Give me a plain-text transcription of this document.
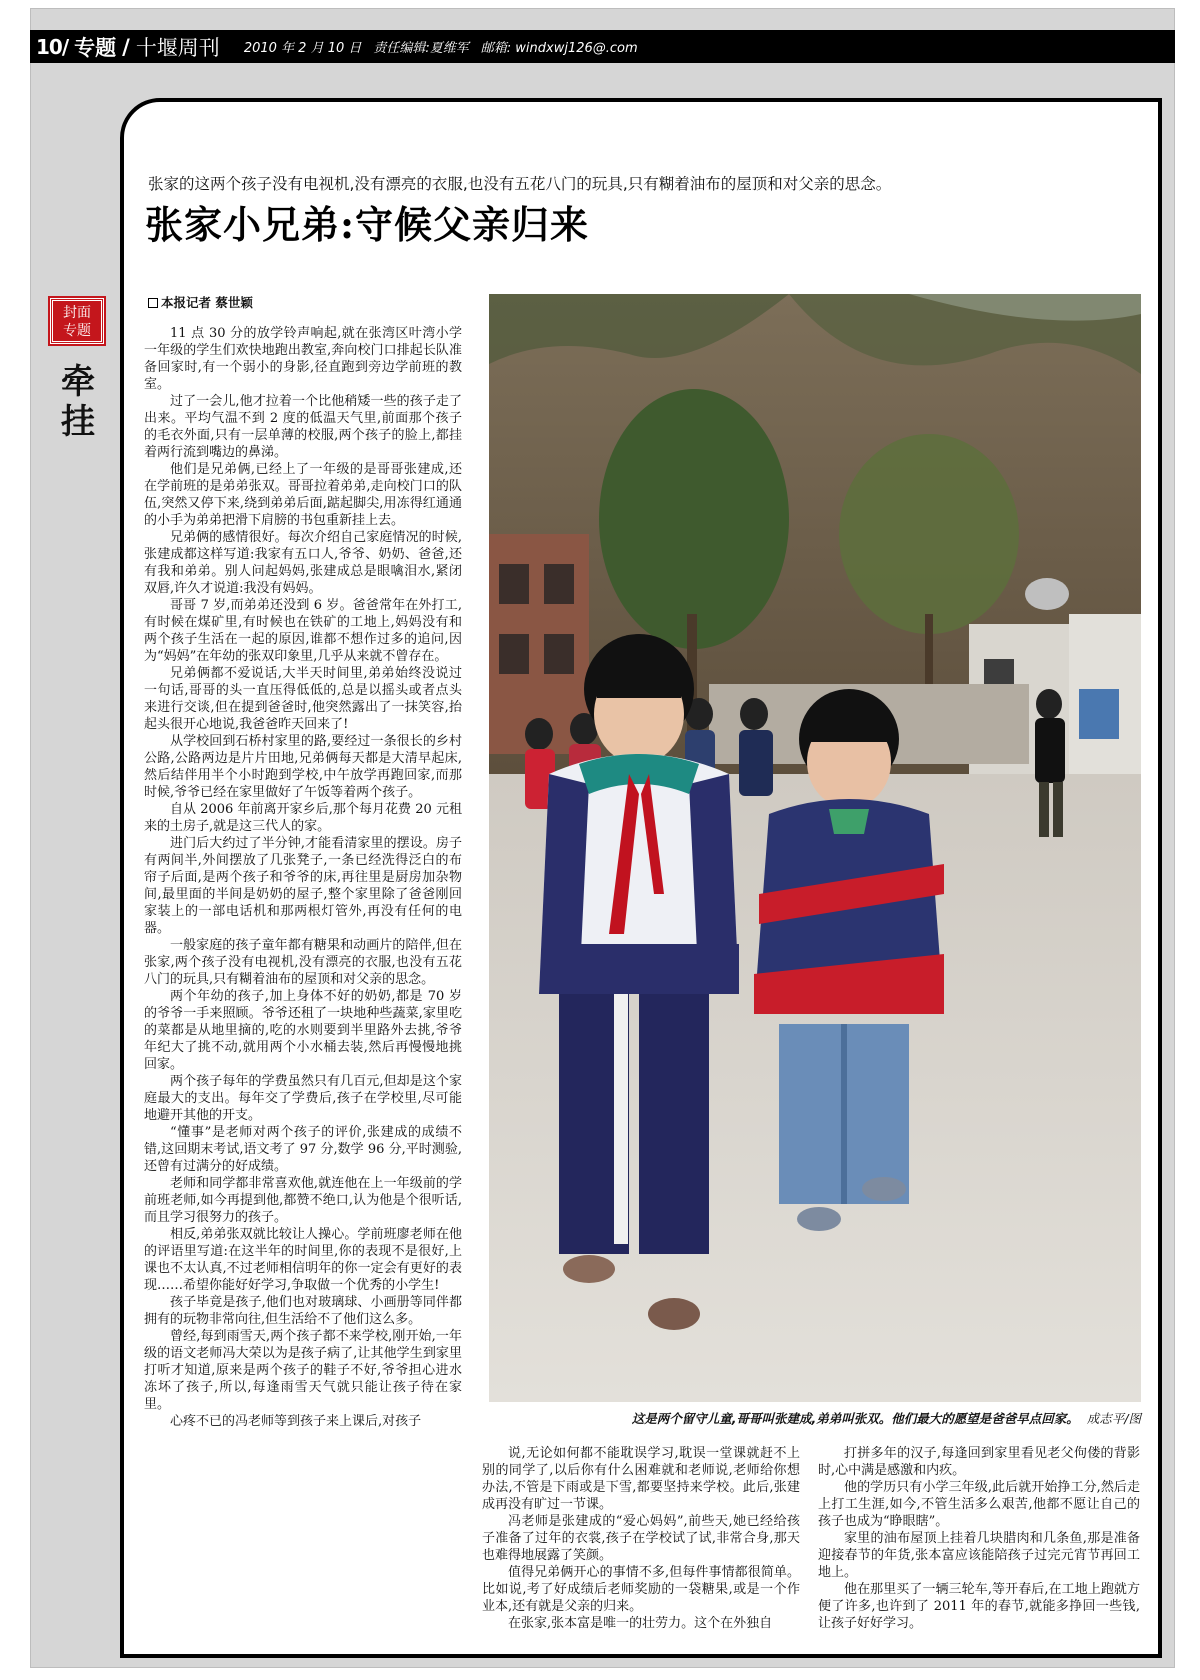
10/ 专题 / 十堰周刊 2010 年 2 月 10 日 责任编辑:夏维军 邮箱: windxwj126@.com
封面
专题
牵挂
张家的这两个孩子没有电视机,没有漂亮的衣服,也没有五花八门的玩具,只有糊着油布的屋顶和对父亲的思念。
张家小兄弟:守候父亲归来
本报记者 蔡世颖

11 点 30 分的放学铃声响起,就在张湾区叶湾小学一年级的学生们欢快地跑出教室,奔向校门口排起长队准备回家时,有一个弱小的身影,径直跑到旁边学前班的教室。

过了一会儿,他才拉着一个比他稍矮一些的孩子走了出来。平均气温不到 2 度的低温天气里,前面那个孩子的毛衣外面,只有一层单薄的校服,两个孩子的脸上,都挂着两行流到嘴边的鼻涕。

他们是兄弟俩,已经上了一年级的是哥哥张建成,还在学前班的是弟弟张双。哥哥拉着弟弟,走向校门口的队伍,突然又停下来,绕到弟弟后面,踮起脚尖,用冻得红通通的小手为弟弟把滑下肩膀的书包重新挂上去。

兄弟俩的感情很好。每次介绍自己家庭情况的时候,张建成都这样写道:我家有五口人,爷爷、奶奶、爸爸,还有我和弟弟。别人问起妈妈,张建成总是眼噙泪水,紧闭双唇,许久才说道:我没有妈妈。

哥哥 7 岁,而弟弟还没到 6 岁。爸爸常年在外打工,有时候在煤矿里,有时候也在铁矿的工地上,妈妈没有和两个孩子生活在一起的原因,谁都不想作过多的追问,因为“妈妈”在年幼的张双印象里,几乎从来就不曾存在。

兄弟俩都不爱说话,大半天时间里,弟弟始终没说过一句话,哥哥的头一直压得低低的,总是以摇头或者点头来进行交谈,但在提到爸爸时,他突然露出了一抹笑容,抬起头很开心地说,我爸爸昨天回来了!

从学校回到石桥村家里的路,要经过一条很长的乡村公路,公路两边是片片田地,兄弟俩每天都是大清早起床,然后结伴用半个小时跑到学校,中午放学再跑回家,而那时候,爷爷已经在家里做好了午饭等着两个孩子。

自从 2006 年前离开家乡后,那个每月花费 20 元租来的土房子,就是这三代人的家。

进门后大约过了半分钟,才能看清家里的摆设。房子有两间半,外间摆放了几张凳子,一条已经洗得泛白的布帘子后面,是两个孩子和爷爷的床,再往里是厨房加杂物间,最里面的半间是奶奶的屋子,整个家里除了爸爸刚回家装上的一部电话机和那两根灯管外,再没有任何的电器。

一般家庭的孩子童年都有糖果和动画片的陪伴,但在张家,两个孩子没有电视机,没有漂亮的衣服,也没有五花八门的玩具,只有糊着油布的屋顶和对父亲的思念。

两个年幼的孩子,加上身体不好的奶奶,都是 70 岁的爷爷一手来照顾。爷爷还租了一块地种些蔬菜,家里吃的菜都是从地里摘的,吃的水则要到半里路外去挑,爷爷年纪大了挑不动,就用两个小水桶去装,然后再慢慢地挑回家。

两个孩子每年的学费虽然只有几百元,但却是这个家庭最大的支出。每年交了学费后,孩子在学校里,尽可能地避开其他的开支。

“懂事”是老师对两个孩子的评价,张建成的成绩不错,这回期末考试,语文考了 97 分,数学 96 分,平时测验,还曾有过满分的好成绩。

老师和同学都非常喜欢他,就连他在上一年级前的学前班老师,如今再提到他,都赞不绝口,认为他是个很听话,而且学习很努力的孩子。

相反,弟弟张双就比较让人操心。学前班廖老师在他的评语里写道:在这半年的时间里,你的表现不是很好,上课也不太认真,不过老师相信明年的你一定会有更好的表现……希望你能好好学习,争取做一个优秀的小学生!

孩子毕竟是孩子,他们也对玻璃球、小画册等同伴都拥有的玩物非常向往,但生活给不了他们这么多。

曾经,每到雨雪天,两个孩子都不来学校,刚开始,一年级的语文老师冯大荣以为是孩子病了,让其他学生到家里打听才知道,原来是两个孩子的鞋子不好,爷爷担心进水冻坏了孩子,所以,每逢雨雪天气就只能让孩子待在家里。

心疼不已的冯老师等到孩子来上课后,对孩子	这是两个留守儿童,哥哥叫张建成,弟弟叫张双。他们最大的愿望是爸爸早点回家。 成志平/图

说,无论如何都不能耽误学习,耽误一堂课就赶不上别的同学了,以后你有什么困难就和老师说,老师给你想办法,不管是下雨或是下雪,都要坚持来学校。此后,张建成再没有旷过一节课。

冯老师是张建成的“爱心妈妈”,前些天,她已经给孩子准备了过年的衣裳,孩子在学校试了试,非常合身,那天也难得地展露了笑颜。

值得兄弟俩开心的事情不多,但每件事情都很简单。比如说,考了好成绩后老师奖励的一袋糖果,或是一个作业本,还有就是父亲的归来。

在张家,张本富是唯一的壮劳力。这个在外独自

打拼多年的汉子,每逢回到家里看见老父佝偻的背影时,心中满是感激和内疚。

他的学历只有小学三年级,此后就开始挣工分,然后走上打工生涯,如今,不管生活多么艰苦,他都不愿让自己的孩子也成为“睁眼瞎”。

家里的油布屋顶上挂着几块腊肉和几条鱼,那是准备迎接春节的年货,张本富应该能陪孩子过完元宵节再回工地上。

他在那里买了一辆三轮车,等开春后,在工地上跑就方便了许多,也许到了 2011 年的春节,就能多挣回一些钱,让孩子好好学习。
